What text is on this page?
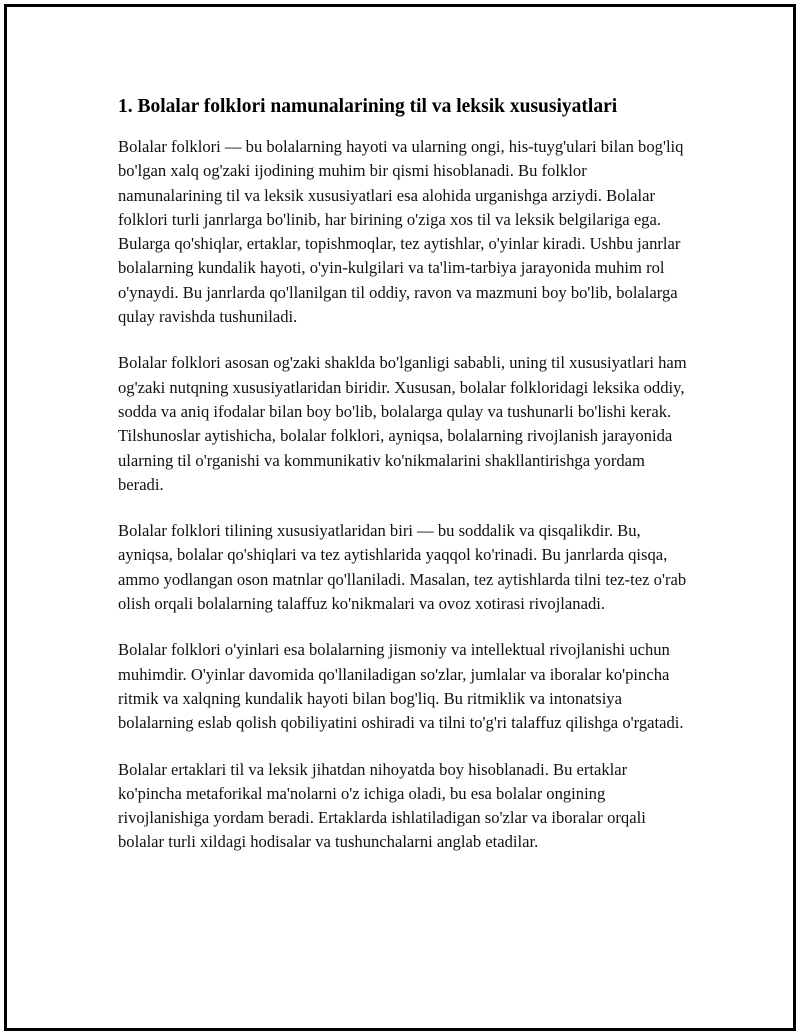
1. Bolalar folklori namunalarining til va leksik xususiyatlari

Bolalar folklori — bu bolalarning hayoti va ularning ongi, his-tuyg'ulari bilan bog'liq bo'lgan xalq og'zaki ijodining muhim bir qismi hisoblanadi. Bu folklor namunalarining til va leksik xususiyatlari esa alohida urganishga arziydi. Bolalar folklori turli janrlarga bo'linib, har birining o'ziga xos til va leksik belgilariga ega. Bularga qo'shiqlar, ertaklar, topishmoqlar, tez aytishlar, o'yinlar kiradi. Ushbu janrlar bolalarning kundalik hayoti, o'yin-kulgilari va ta'lim-tarbiya jarayonida muhim rol o'ynaydi. Bu janrlarda qo'llanilgan til oddiy, ravon va mazmuni boy bo'lib, bolalarga qulay ravishda tushuniladi.

Bolalar folklori asosan og'zaki shaklda bo'lganligi sababli, uning til xususiyatlari ham og'zaki nutqning xususiyatlaridan biridir. Xususan, bolalar folkloridagi leksika oddiy, sodda va aniq ifodalar bilan boy bo'lib, bolalarga qulay va tushunarli bo'lishi kerak. Tilshunoslar aytishicha, bolalar folklori, ayniqsa, bolalarning rivojlanish jarayonida ularning til o'rganishi va kommunikativ ko'nikmalarini shakllantirishga yordam beradi.

Bolalar folklori tilining xususiyatlaridan biri — bu soddalik va qisqalikdir. Bu, ayniqsa, bolalar qo'shiqlari va tez aytishlarida yaqqol ko'rinadi. Bu janrlarda qisqa, ammo yodlangan oson matnlar qo'llaniladi. Masalan, tez aytishlarda tilni tez-tez o'rab olish orqali bolalarning talaffuz ko'nikmalari va ovoz xotirasi rivojlanadi.

Bolalar folklori o'yinlari esa bolalarning jismoniy va intellektual rivojlanishi uchun muhimdir. O'yinlar davomida qo'llaniladigan so'zlar, jumlalar va iboralar ko'pincha ritmik va xalqning kundalik hayoti bilan bog'liq. Bu ritmiklik va intonatsiya bolalarning eslab qolish qobiliyatini oshiradi va tilni to'g'ri talaffuz qilishga o'rgatadi.

Bolalar ertaklari til va leksik jihatdan nihoyatda boy hisoblanadi. Bu ertaklar ko'pincha metaforikal ma'nolarni o'z ichiga oladi, bu esa bolalar ongining rivojlanishiga yordam beradi. Ertaklarda ishlatiladigan so'zlar va iboralar orqali bolalar turli xildagi hodisalar va tushunchalarni anglab etadilar.
